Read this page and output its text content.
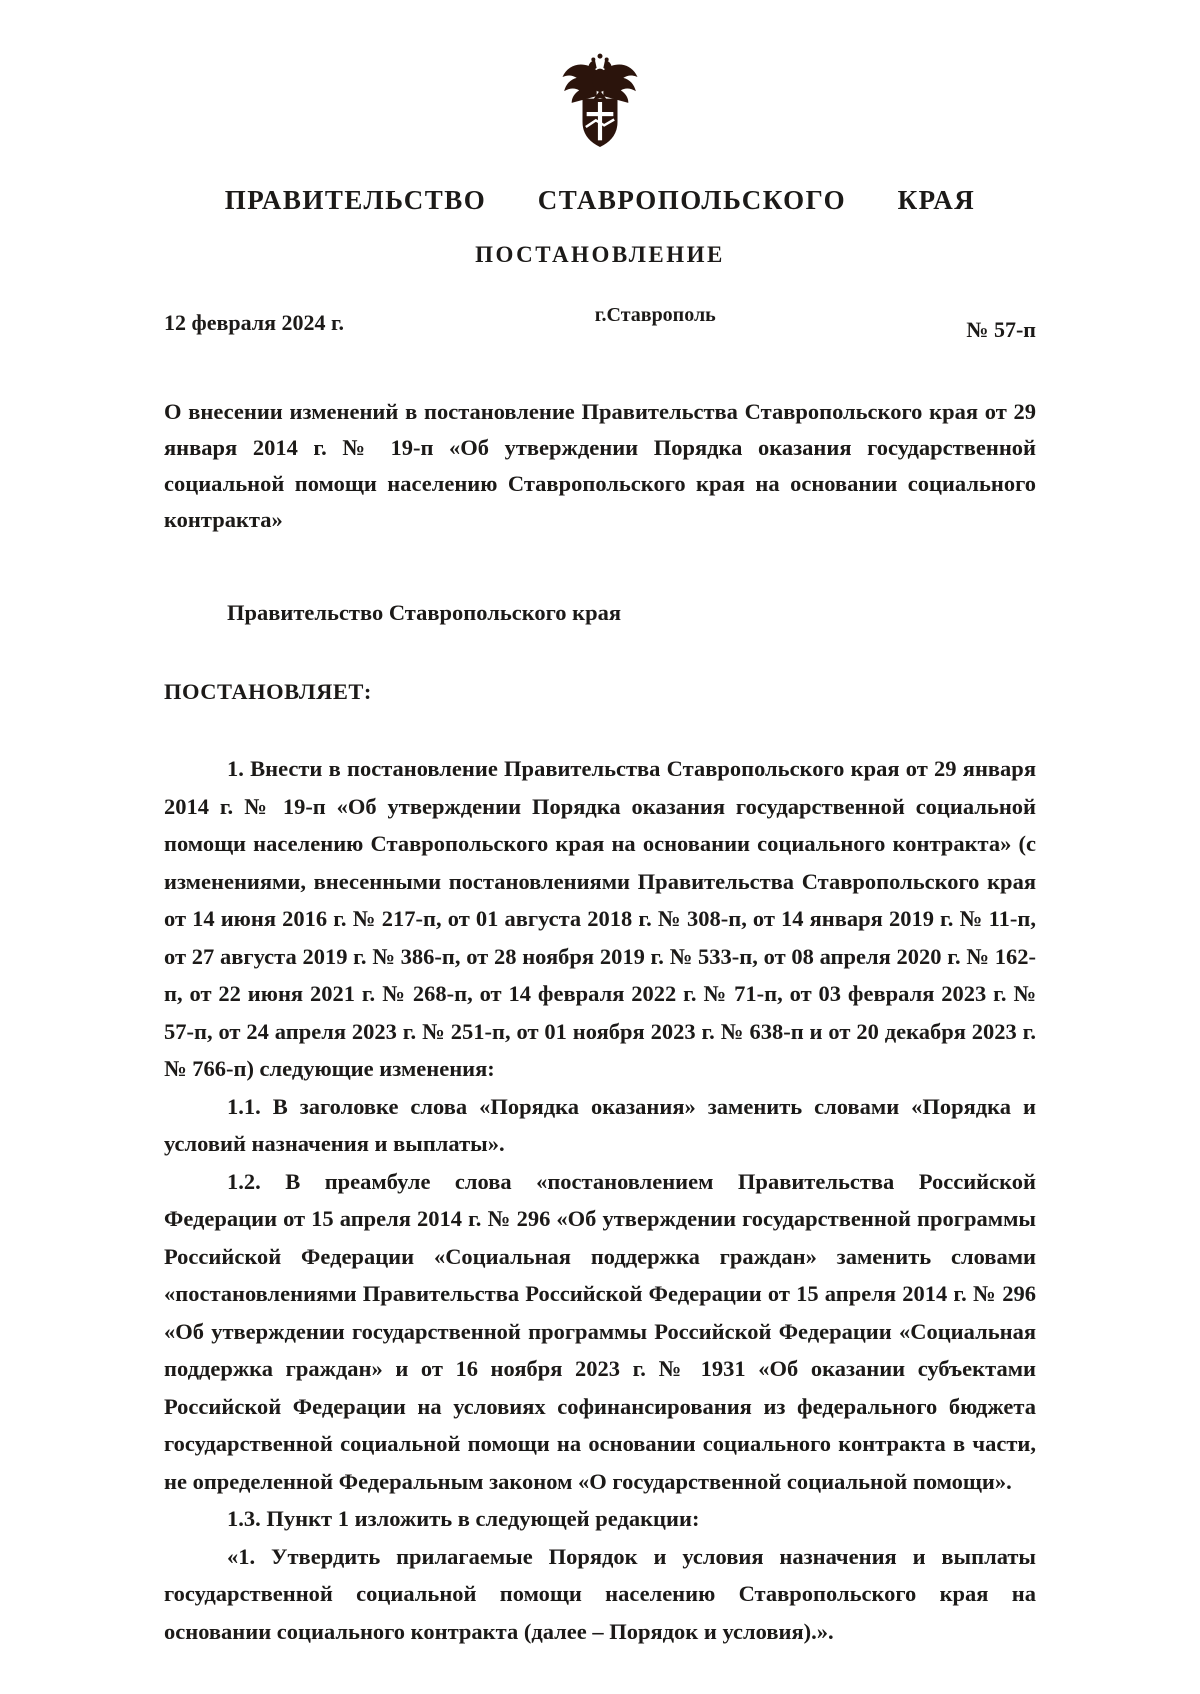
ПРАВИТЕЛЬСТВО СТАВРОПОЛЬСКОГО КРАЯ
ПОСТАНОВЛЕНИЕ
12 февраля 2024 г.	г.Ставрополь
№ 57-п

О внесении изменений в постановление Правительства Ставропольского края от 29 января 2014 г. № 19-п «Об утверждении Порядка оказания государственной социальной помощи населению Ставропольского края на основании социального контракта»

Правительство Ставропольского края

ПОСТАНОВЛЯЕТ:

1. Внести в постановление Правительства Ставропольского края от 29 января 2014 г. № 19-п «Об утверждении Порядка оказания государственной социальной помощи населению Ставропольского края на основании социального контракта» (с изменениями, внесенными постановлениями Правительства Ставропольского края от 14 июня 2016 г. № 217-п, от 01 августа 2018 г. № 308-п, от 14 января 2019 г. № 11-п, от 27 августа 2019 г. № 386-п, от 28 ноября 2019 г. № 533-п, от 08 апреля 2020 г. № 162-п, от 22 июня 2021 г. № 268-п, от 14 февраля 2022 г. № 71-п, от 03 февраля 2023 г. № 57-п, от 24 апреля 2023 г. № 251-п, от 01 ноября 2023 г. № 638-п и от 20 декабря 2023 г. № 766-п) следующие изменения:

1.1. В заголовке слова «Порядка оказания» заменить словами «Порядка и условий назначения и выплаты».

1.2. В преамбуле слова «постановлением Правительства Российской Федерации от 15 апреля 2014 г. № 296 «Об утверждении государственной программы Российской Федерации «Социальная поддержка граждан» заменить словами «постановлениями Правительства Российской Федерации от 15 апреля 2014 г. № 296 «Об утверждении государственной программы Российской Федерации «Социальная поддержка граждан» и от 16 ноября 2023 г. № 1931 «Об оказании субъектами Российской Федерации на условиях софинансирования из федерального бюджета государственной социальной помощи на основании социального контракта в части, не определенной Федеральным законом «О государственной социальной помощи».

1.3. Пункт 1 изложить в следующей редакции:

«1. Утвердить прилагаемые Порядок и условия назначения и выплаты государственной социальной помощи населению Ставропольского края на основании социального контракта (далее – Порядок и условия).».
